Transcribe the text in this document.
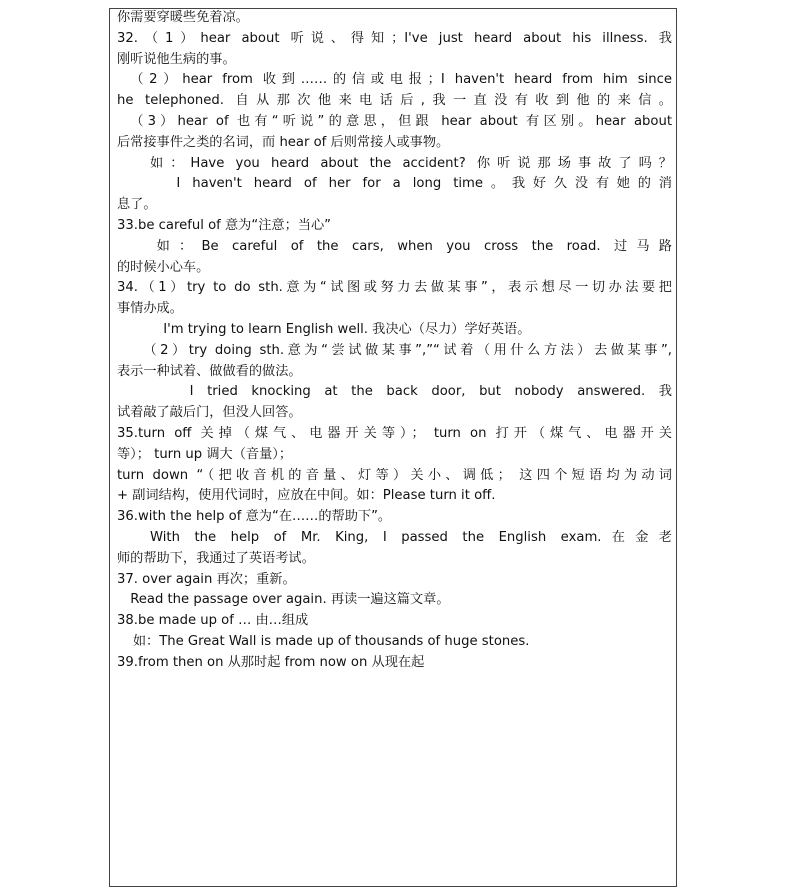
你需要穿暖些免着凉。
32.（1）hear about 听说、得知；I've just heard about his illness. 我
刚听说他生病的事。
（2）hear from 收到……的信或电报；I haven't heard from him since
he telephoned. 自从那次他来电话后,我一直没有收到他的来信。
（3）hear of 也有“听说”的意思，但跟 hear about 有区别。hear about
后常接事件之类的名词，而 hear of 后则常接人或事物。
如：Have you heard about the accident? 你听说那场事故了吗？
I haven't heard of her for a long time。我好久没有她的消
息了。
33.be careful of 意为“注意；当心”
如：Be careful of the cars, when you cross the road. 过马路
的时候小心车。
34.（1）try to do sth.意为“试图或努力去做某事”，表示想尽一切办法要把
事情办成。
I'm trying to learn English well. 我决心（尽力）学好英语。
（2）try doing sth.意为“尝试做某事”,”“试着（用什么方法）去做某事”,
表示一种试着、做做看的做法。
I tried knocking at the back door, but nobody answered. 我
试着敲了敲后门，但没人回答。
35.turn off 关掉（煤气、电器开关等）； turn on 打开（煤气、电器开关
等）； turn up 调大（音量）；
turn down “（把收音机的音量、灯等）关小、调低； 这四个短语均为动词
+ 副词结构，使用代词时，应放在中间。如：Please turn it off.
36.with the help of 意为“在……的帮助下”。
With the help of Mr. King, I passed the English exam.在金老
师的帮助下，我通过了英语考试。
37. over again 再次；重新。
Read the passage over again. 再读一遍这篇文章。
38.be made up of … 由…组成
如：The Great Wall is made up of thousands of huge stones.
39.from then on 从那时起 from now on 从现在起
